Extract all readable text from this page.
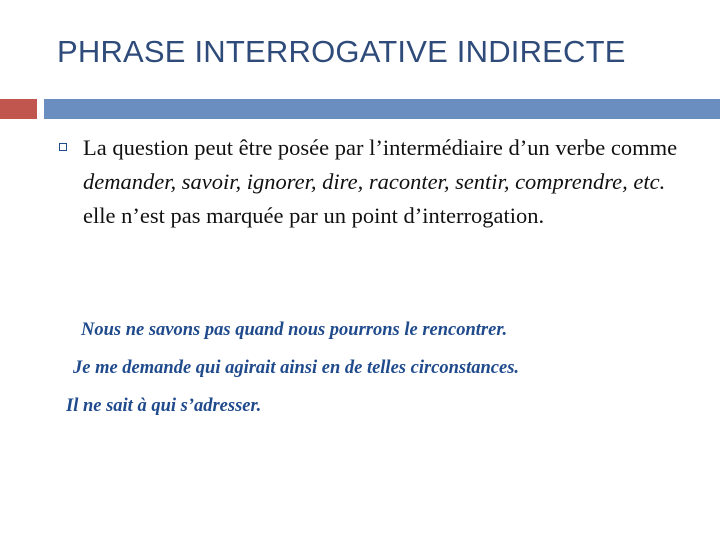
PHRASE INTERROGATIVE INDIRECTE
La question peut être posée par l’intermédiaire d’un verbe comme demander, savoir, ignorer, dire, raconter, sentir, comprendre, etc. elle n’est pas marquée par un point d’interrogation.
Nous ne savons pas quand nous pourrons le rencontrer.
Je me demande qui agirait ainsi en de telles circonstances.
Il ne sait à qui s’adresser.
